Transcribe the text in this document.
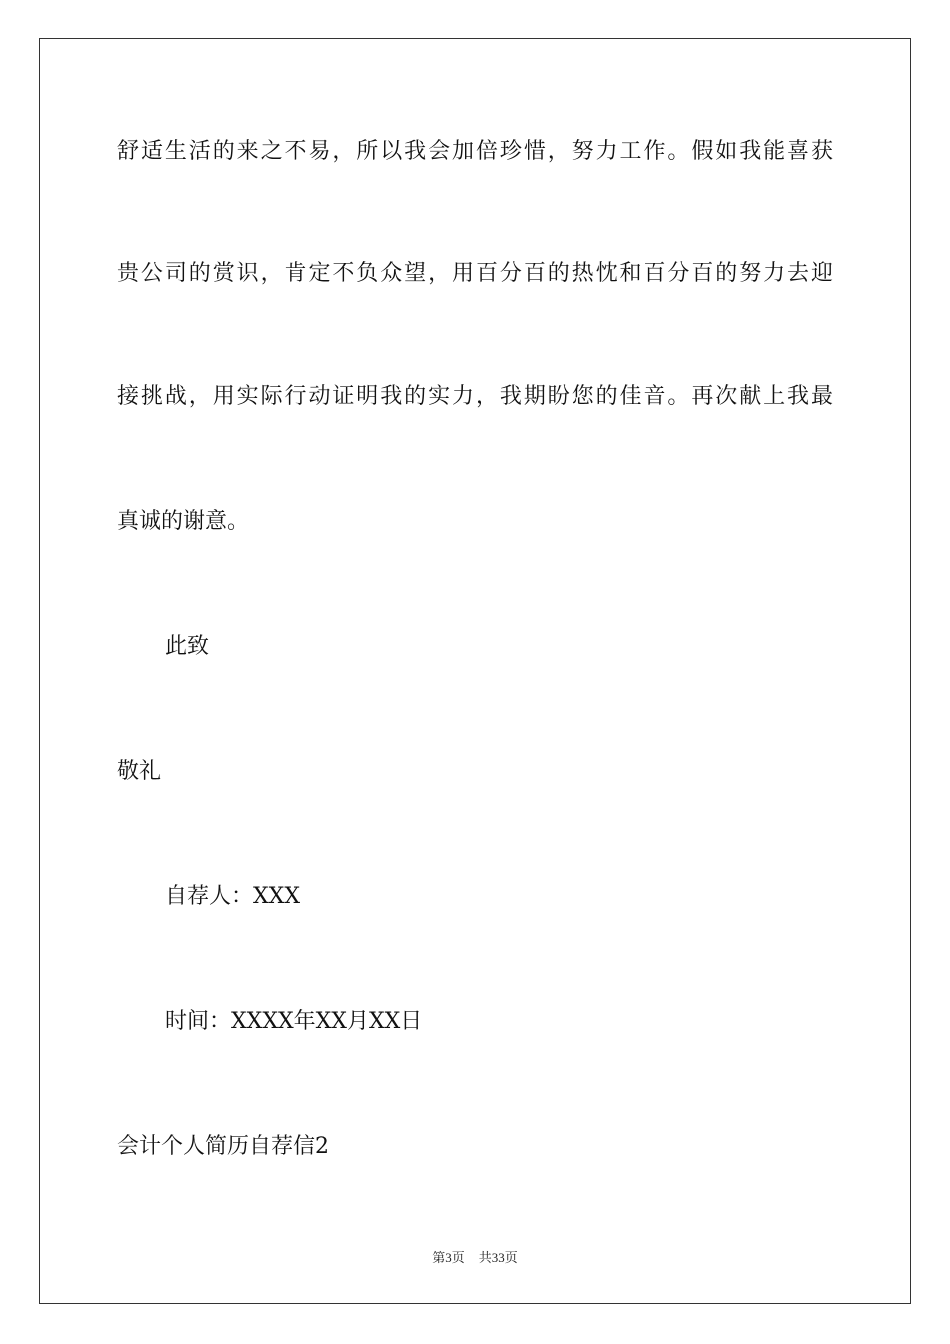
舒适生活的来之不易，所以我会加倍珍惜，努力工作。假如我能喜获
贵公司的赏识，肯定不负众望，用百分百的热忱和百分百的努力去迎
接挑战，用实际行动证明我的实力，我期盼您的佳音。再次献上我最
真诚的谢意。
此致
敬礼
自荐人：XXX
时间：XXXX年XX月XX日
会计个人简历自荐信2
第3页 共33页
